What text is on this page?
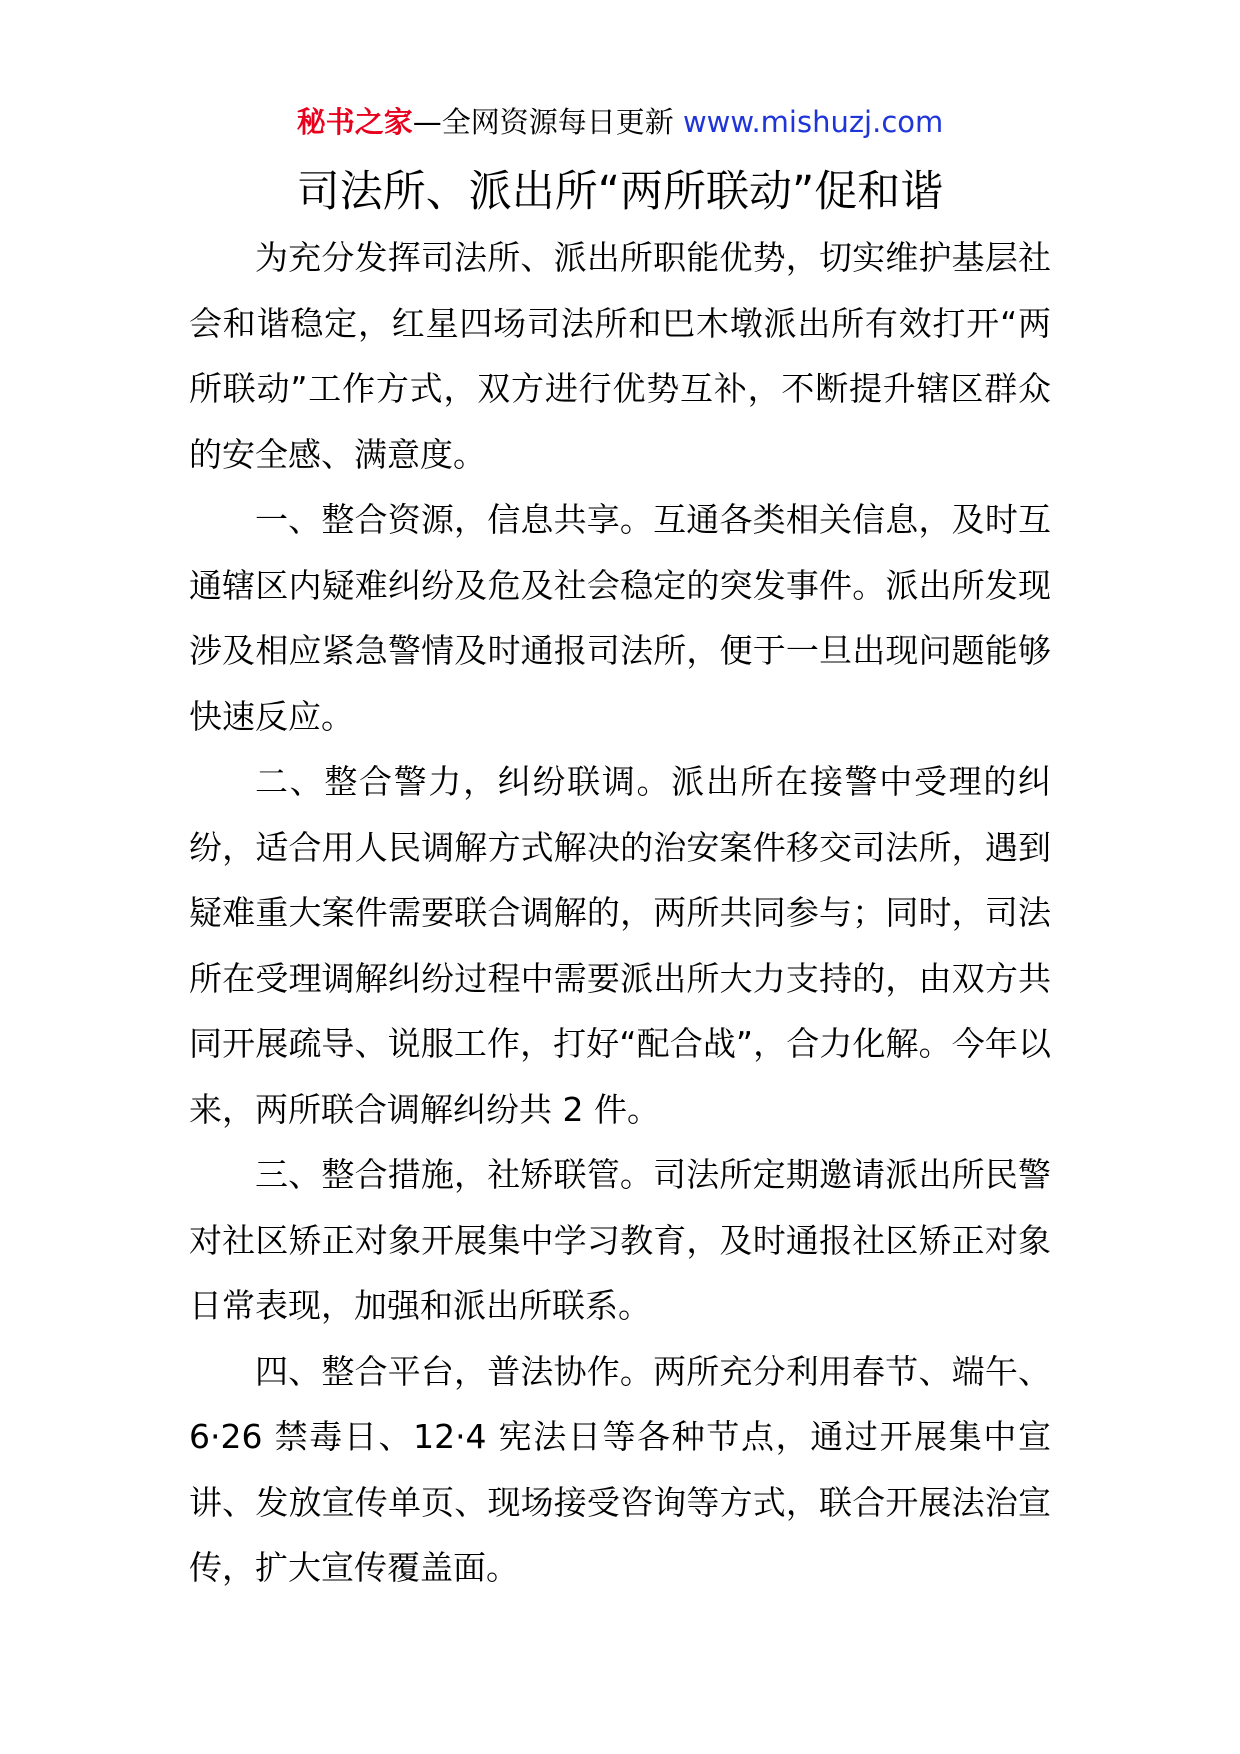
秘书之家—全网资源每日更新 www.mishuzj.com
司法所、派出所“两所联动”促和谐

为充分发挥司法所、派出所职能优势，切实维护基层社会和谐稳定，红星四场司法所和巴木墩派出所有效打开“两所联动”工作方式，双方进行优势互补，不断提升辖区群众的安全感、满意度。

一、整合资源，信息共享。互通各类相关信息，及时互通辖区内疑难纠纷及危及社会稳定的突发事件。派出所发现涉及相应紧急警情及时通报司法所，便于一旦出现问题能够快速反应。

二、整合警力，纠纷联调。派出所在接警中受理的纠纷，适合用人民调解方式解决的治安案件移交司法所，遇到疑难重大案件需要联合调解的，两所共同参与；同时，司法所在受理调解纠纷过程中需要派出所大力支持的，由双方共同开展疏导、说服工作，打好“配合战”，合力化解。今年以来，两所联合调解纠纷共 2 件。

三、整合措施，社矫联管。司法所定期邀请派出所民警对社区矫正对象开展集中学习教育，及时通报社区矫正对象日常表现，加强和派出所联系。

四、整合平台，普法协作。两所充分利用春节、端午、6·26 禁毒日、12·4 宪法日等各种节点，通过开展集中宣讲、发放宣传单页、现场接受咨询等方式，联合开展法治宣传，扩大宣传覆盖面。
